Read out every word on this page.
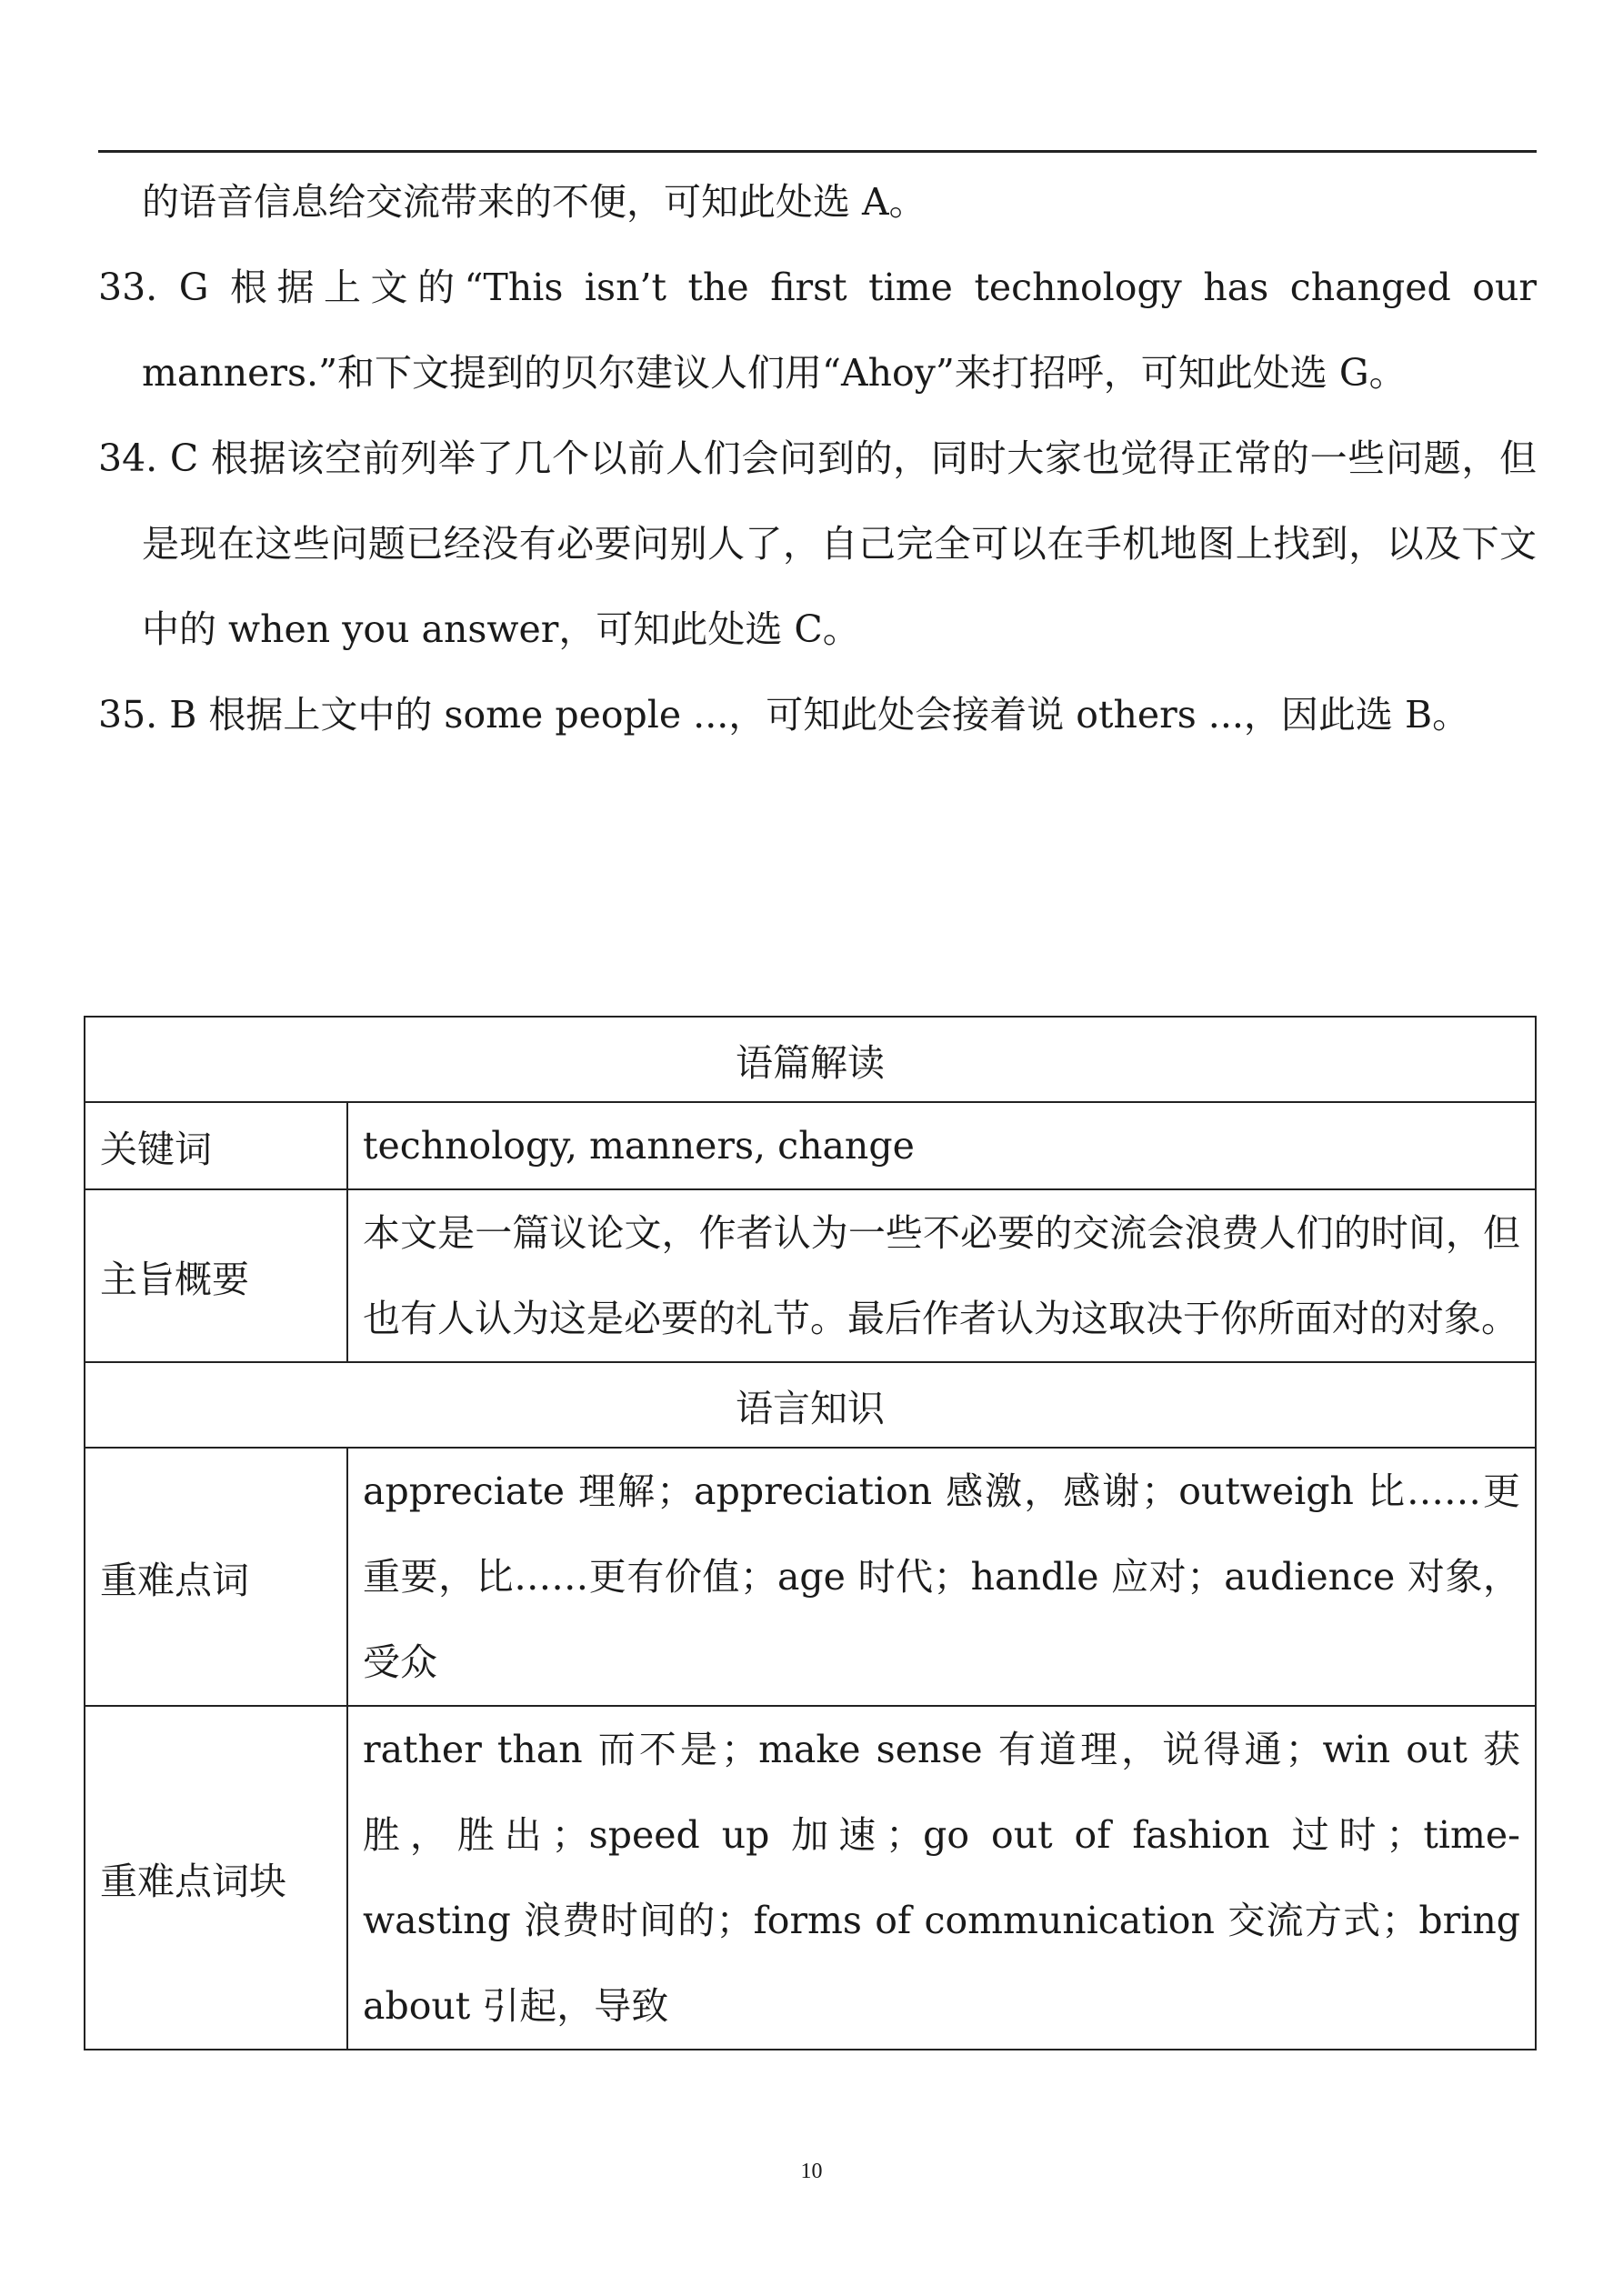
的语音信息给交流带来的不便，可知此处选 A。

33. G 根据上文的“This isn’t the first time technology has changed our manners.”和下文提到的贝尔建议人们用“Ahoy”来打招呼，可知此处选 G。

34. C 根据该空前列举了几个以前人们会问到的，同时大家也觉得正常的一些问题，但是现在这些问题已经没有必要问别人了，自己完全可以在手机地图上找到，以及下文中的 when you answer，可知此处选 C。

35. B 根据上文中的 some people ...，可知此处会接着说 others ...，因此选 B。

语篇解读	
关键词	technology, manners, change
主旨概要	本文是一篇议论文，作者认为一些不必要的交流会浪费人们的时间，但也有人认为这是必要的礼节。最后作者认为这取决于你所面对的对象。
语言知识	
重难点词	appreciate 理解；appreciation 感激，感谢；outweigh 比……更重要，比……更有价值；age 时代；handle 应对；audience 对象，受众
重难点词块	rather than 而不是；make sense 有道理，说得通；win out 获胜，胜出；speed up 加速；go out of fashion 过时；time-wasting 浪费时间的；forms of communication 交流方式；bring about 引起，导致
10
